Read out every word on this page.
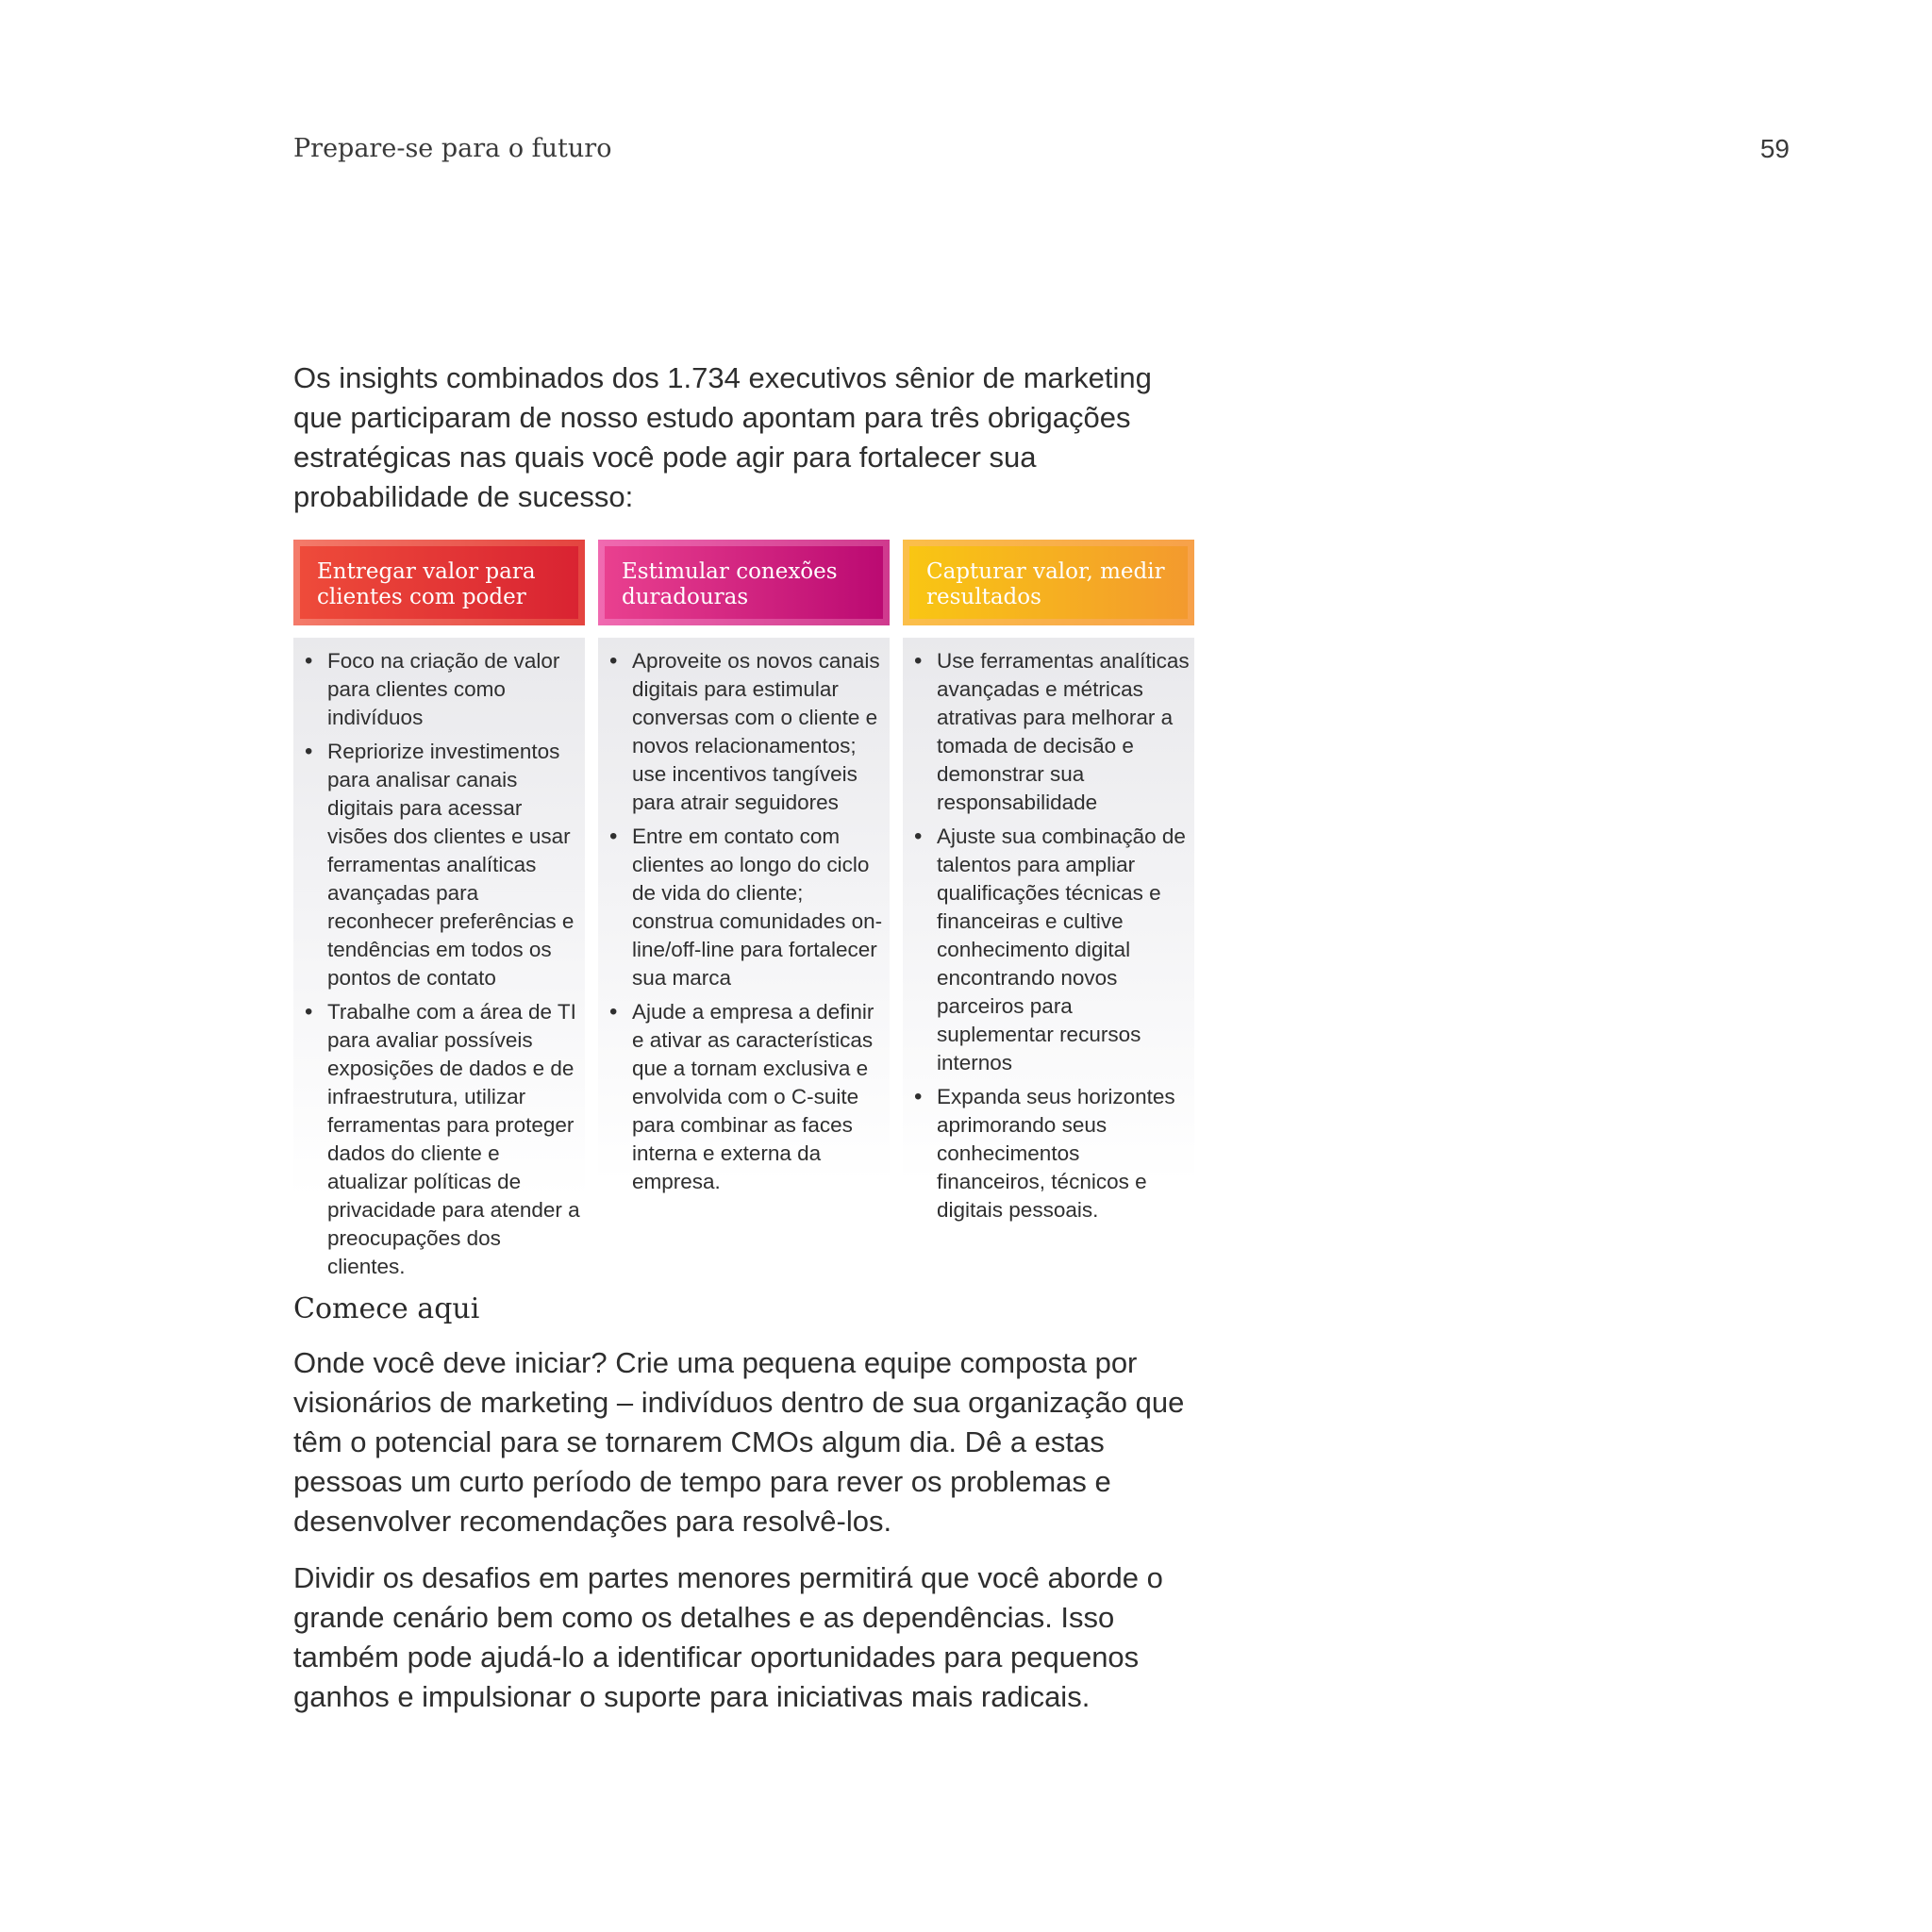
Prepare-se para o futuro	59

Os insights combinados dos 1.734 executivos sênior de marketing que participaram de nosso estudo apontam para três obrigações estratégicas nas quais você pode agir para fortalecer sua probabilidade de sucesso:

Entregar valor para clientes com poder
• Foco na criação de valor para clientes como indivíduos
• Repriorize investimentos para analisar canais digitais para acessar visões dos clientes e usar ferramentas analíticas avançadas para reconhecer preferências e tendências em todos os pontos de contato
• Trabalhe com a área de TI para avaliar possíveis exposições de dados e de infraestrutura, utilizar ferramentas para proteger dados do cliente e atualizar políticas de privacidade para atender a preocupações dos clientes.
Estimular conexões duradouras
• Aproveite os novos canais digitais para estimular conversas com o cliente e novos relacionamentos; use incentivos tangíveis para atrair seguidores
• Entre em contato com clientes ao longo do ciclo de vida do cliente; construa comunidades on-line/off-line para fortalecer sua marca
• Ajude a empresa a definir e ativar as características que a tornam exclusiva e envolvida com o C-suite para combinar as faces interna e externa da empresa.
Capturar valor, medir resultados
• Use ferramentas analíticas avançadas e métricas atrativas para melhorar a tomada de decisão e demonstrar sua responsabilidade
• Ajuste sua combinação de talentos para ampliar qualificações técnicas e financeiras e cultive conhecimento digital encontrando novos parceiros para suplementar recursos internos
• Expanda seus horizontes aprimorando seus conhecimentos financeiros, técnicos e digitais pessoais.
Comece aqui

Onde você deve iniciar? Crie uma pequena equipe composta por visionários de marketing – indivíduos dentro de sua organização que têm o potencial para se tornarem CMOs algum dia. Dê a estas pessoas um curto período de tempo para rever os problemas e desenvolver recomendações para resolvê-los.

Dividir os desafios em partes menores permitirá que você aborde o grande cenário bem como os detalhes e as dependências. Isso também pode ajudá-lo a identificar oportunidades para pequenos ganhos e impulsionar o suporte para iniciativas mais radicais.
